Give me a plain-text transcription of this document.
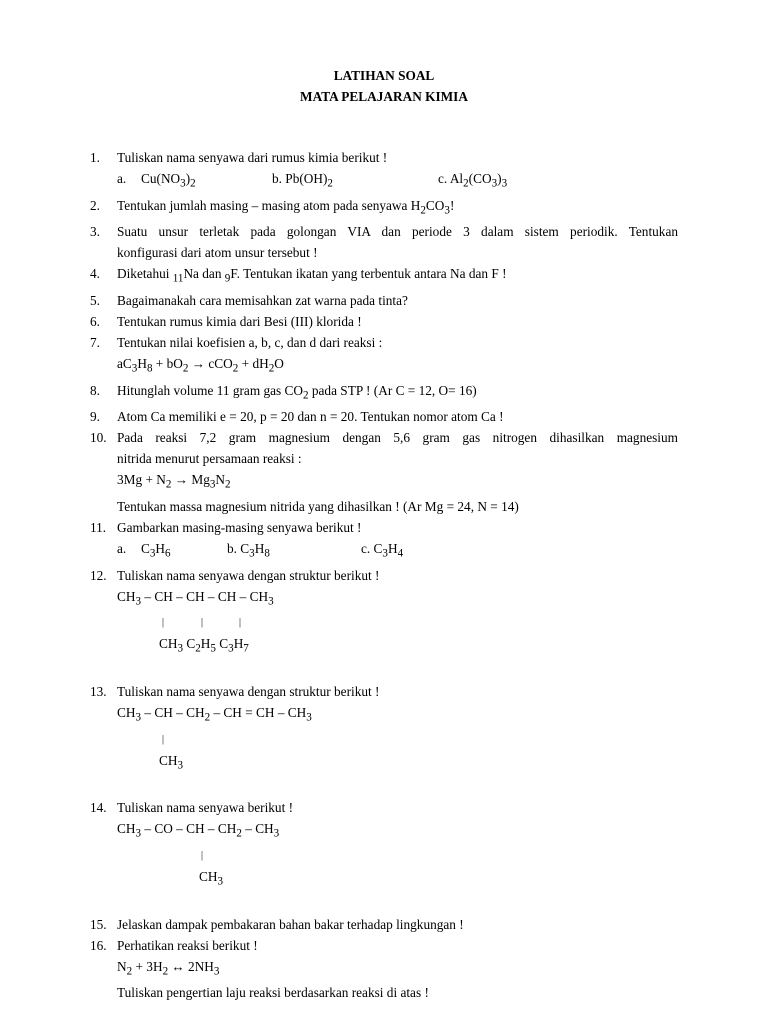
LATIHAN SOAL
MATA PELAJARAN KIMIA
1.	Tuliskan nama senyawa dari rumus kimia berikut !
a. $Cu(NO_3)_2$	b. $Pb(OH)_2$	c. $Al_2(CO_3)_3$
2.	Tentukan jumlah masing – masing atom pada senyawa $H_2CO_3$!
3.	Suatu unsur terletak pada golongan VIA dan periode 3 dalam sistem periodik. Tentukan
konfigurasi dari atom unsur tersebut !
4.	Diketahui $_{11}$Na dan $_9$F. Tentukan ikatan yang terbentuk antara Na dan F !
5.	Bagaimanakah cara memisahkan zat warna pada tinta?
6.	Tentukan rumus kimia dari Besi (III) klorida !
7.	Tentukan nilai koefisien a, b, c, dan d dari reaksi :
$aC_3H_8 + bO_2 \to cCO_2 + dH_2O$
8.	Hitunglah volume 11 gram gas $CO_2$ pada STP ! (Ar C = 12, O= 16)
9.	Atom Ca memiliki e = 20, p = 20 dan n = 20. Tentukan nomor atom Ca !
10. Pada reaksi 7,2 gram magnesium dengan 5,6 gram gas nitrogen dihasilkan magnesium
nitrida menurut persamaan reaksi :
$3Mg + N_2 \to Mg_3N_2$
Tentukan massa magnesium nitrida yang dihasilkan ! (Ar Mg = 24, N = 14)
11. Gambarkan masing-masing senyawa berikut !
a. $C_3H_6$	b. $C_3H_8$	c. $C_3H_4$
12. Tuliskan nama senyawa dengan struktur berikut !
$CH_3$ – CH – CH – CH – $CH_3$
|	|	|
$CH_3$ $C_2H_5$ $C_3H_7$
13. Tuliskan nama senyawa dengan struktur berikut !
$CH_3$ – CH – $CH_2$ – CH = CH – $CH_3$
|
$CH_3$
14. Tuliskan nama senyawa berikut !
$CH_3$ – CO – CH – $CH_2 - CH_3$
|
$CH_3$
15. Jelaskan dampak pembakaran bahan bakar terhadap lingkungan !
16. Perhatikan reaksi berikut !
$N_2 + 3H_2$ ↔ $2NH_3$
Tuliskan pengertian laju reaksi berdasarkan reaksi di atas !
